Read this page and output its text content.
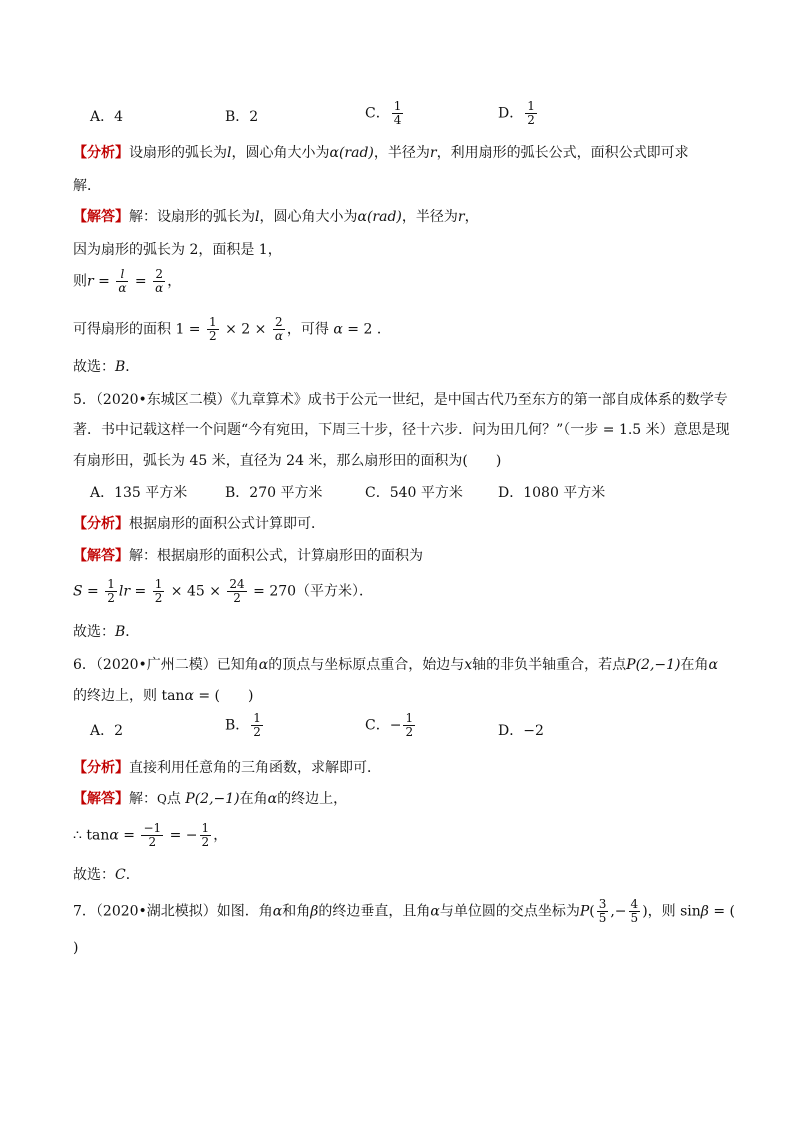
A．4	B．2	C． $\frac{1}{4}$	D． $\frac{1}{2}$
【分析】设扇形的弧长为l，圆心角大小为α(rad)，半径为r，利用扇形的弧长公式，面积公式即可求
解．
【解答】解：设扇形的弧长为l，圆心角大小为α(rad)，半径为r，
因为扇形的弧长为 2，面积是 1，
则$r = \frac{l}{\alpha} = \frac{2}{\alpha}$ ，
可得扇形的面积 $1 = \frac{1}{2} \times 2 \times \frac{2}{\alpha}$ ，可得 α = 2 ．
故选：B．
5．（2020•东城区二模）《九章算术》成书于公元一世纪，是中国古代乃至东方的第一部自成体系的数学专
著．书中记载这样一个问题“今有宛田，下周三十步，径十六步．问为田几何？”（一步 = 1.5 米）意思是现
有扇形田，弧长为 45 米，直径为 24 米，那么扇形田的面积为(　　)
A．135 平方米	B．270 平方米	C．540 平方米	D．1080 平方米
【分析】根据扇形的面积公式计算即可．
【解答】解：根据扇形的面积公式，计算扇形田的面积为
$S = \frac{1}{2}$ lr = $\frac{1}{2} \times 45 \times \frac{24}{2} = 270$（平方米）．
故选：B．
6．（2020•广州二模）已知角α的顶点与坐标原点重合，始边与x轴的非负半轴重合，若点P(2,−1)在角α
的终边上，则 tanα = (　　)
A．2	B． $\frac{1}{2}$	C．− $\frac{1}{2}$	D．−2
【分析】直接利用任意角的三角函数，求解即可．
【解答】解：Q点 P(2,−1)在角α的终边上，
∴ $\tan\alpha = \frac{-1}{2}$ = − $\frac{1}{2}$ ，
故选：C．
7．（2020•湖北模拟）如图．角α和角β的终边垂直，且角α与单位圆的交点坐标为$P( \frac{3}{5}$ ,− $\frac{4}{5}$ )，则 sinβ = (
)
